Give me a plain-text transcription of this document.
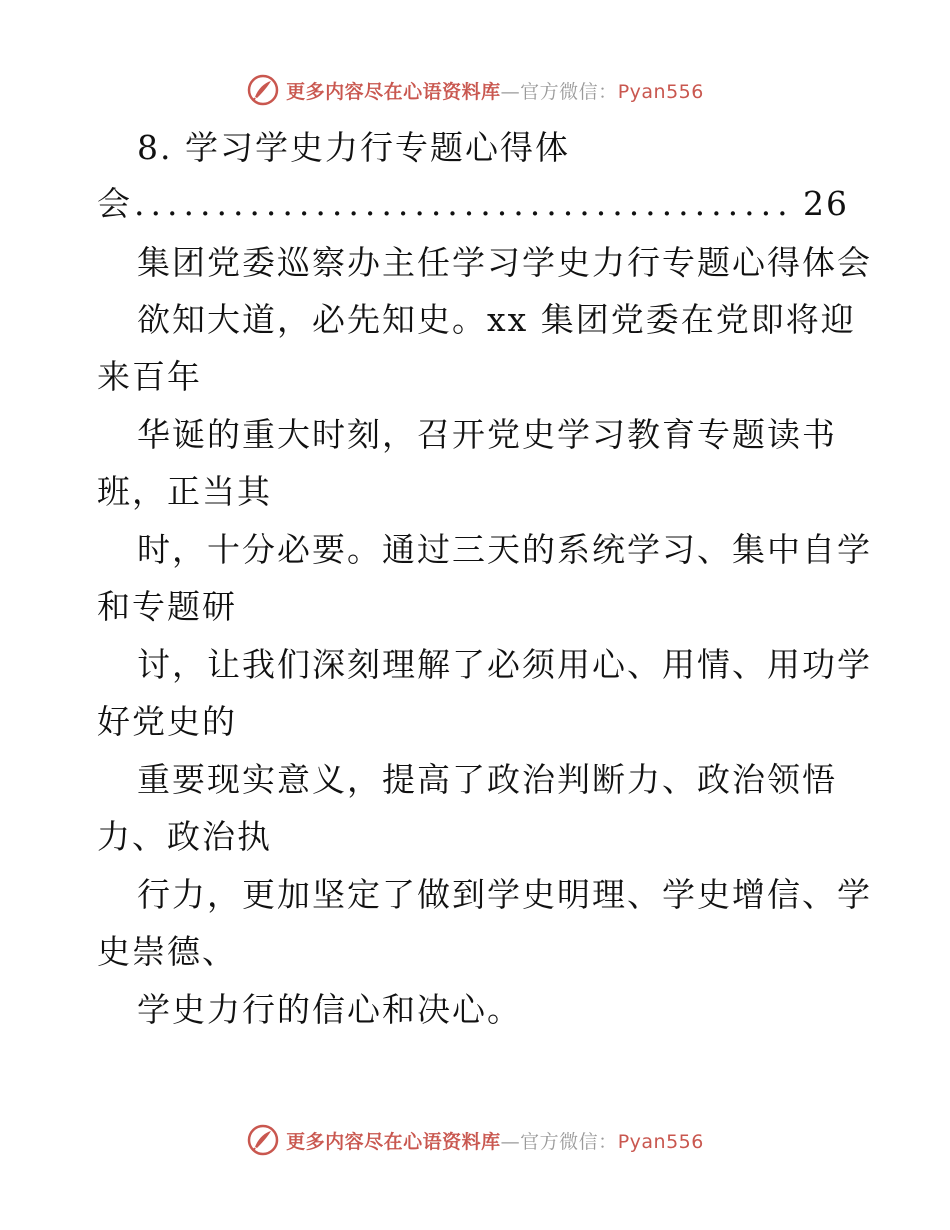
更多内容尽在心语资料库—官方微信：Pyan556
8. 学习学史力行专题心得体
会 ........................................ 26
集团党委巡察办主任学习学史力行专题心得体会
欲知大道，必先知史。xx 集团党委在党即将迎
来百年
华诞的重大时刻，召开党史学习教育专题读书
班，正当其
时，十分必要。通过三天的系统学习、集中自学
和专题研
讨，让我们深刻理解了必须用心、用情、用功学
好党史的
重要现实意义，提高了政治判断力、政治领悟
力、政治执
行力，更加坚定了做到学史明理、学史增信、学
史崇德、
学史力行的信心和决心。
更多内容尽在心语资料库—官方微信：Pyan556
